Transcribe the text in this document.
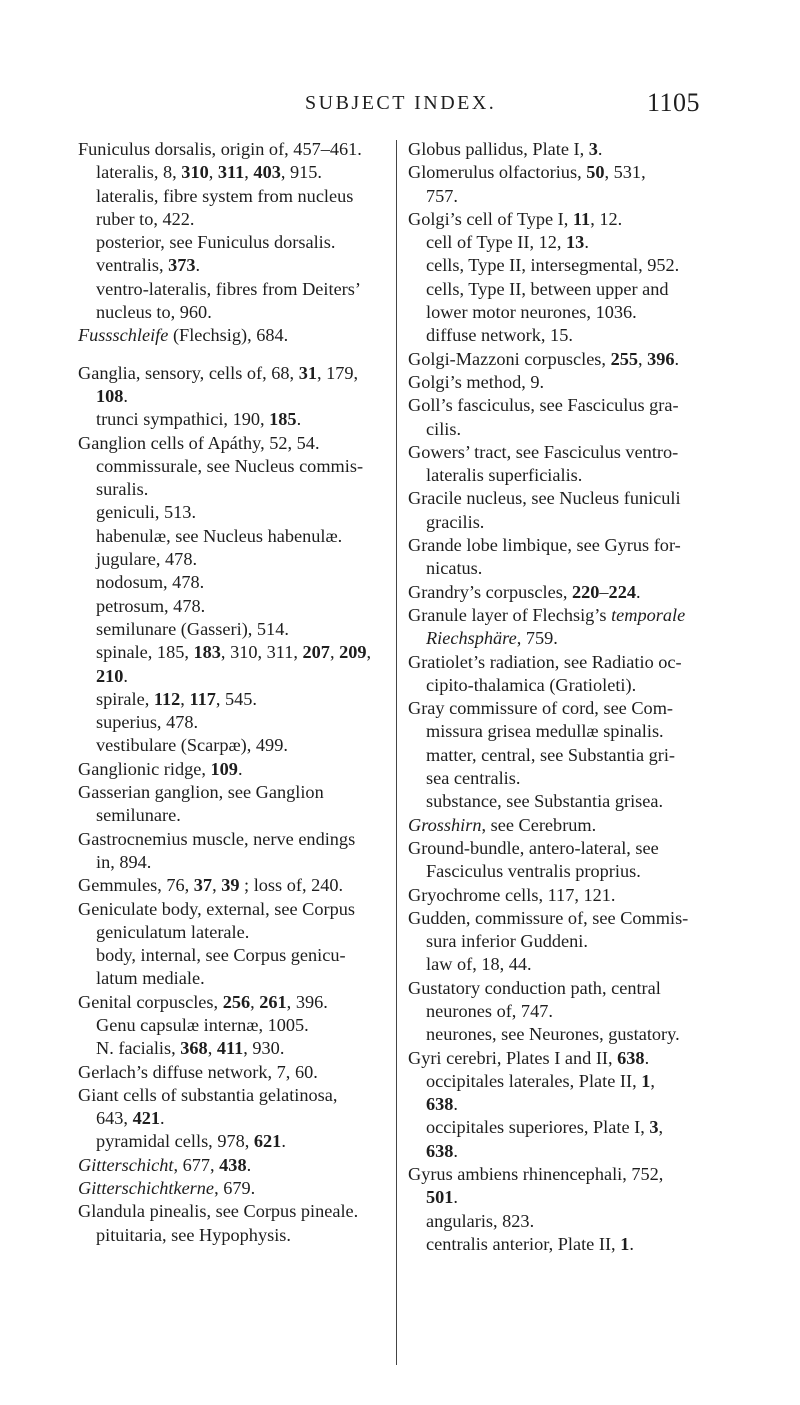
SUBJECT INDEX.	1105
Funiculus dorsalis, origin of, 457–461.
lateralis, 8, 310, 311, 403, 915.
lateralis, fibre system from nucleus
ruber to, 422.
posterior, see Funiculus dorsalis.
ventralis, 373.
ventro-lateralis, fibres from Deiters’
nucleus to, 960.
Fussschleife (Flechsig), 684.
Ganglia, sensory, cells of, 68, 31, 179,
108.
trunci sympathici, 190, 185.
Ganglion cells of Apáthy, 52, 54.
commissurale, see Nucleus commis-
suralis.
geniculi, 513.
habenulæ, see Nucleus habenulæ.
jugulare, 478.
nodosum, 478.
petrosum, 478.
semilunare (Gasseri), 514.
spinale, 185, 183, 310, 311, 207, 209,
210.
spirale, 112, 117, 545.
superius, 478.
vestibulare (Scarpæ), 499.
Ganglionic ridge, 109.
Gasserian ganglion, see Ganglion
semilunare.
Gastrocnemius muscle, nerve endings
in, 894.
Gemmules, 76, 37, 39 ; loss of, 240.
Geniculate body, external, see Corpus
geniculatum laterale.
body, internal, see Corpus genicu-
latum mediale.
Genital corpuscles, 256, 261, 396.
Genu capsulæ internæ, 1005.
N. facialis, 368, 411, 930.
Gerlach’s diffuse network, 7, 60.
Giant cells of substantia gelatinosa,
643, 421.
pyramidal cells, 978, 621.
Gitterschicht, 677, 438.
Gitterschichtkerne, 679.
Glandula pinealis, see Corpus pineale.
pituitaria, see Hypophysis.
Globus pallidus, Plate I, 3.
Glomerulus olfactorius, 50, 531,
757.
Golgi’s cell of Type I, 11, 12.
cell of Type II, 12, 13.
cells, Type II, intersegmental, 952.
cells, Type II, between upper and
lower motor neurones, 1036.
diffuse network, 15.
Golgi-Mazzoni corpuscles, 255, 396.
Golgi’s method, 9.
Goll’s fasciculus, see Fasciculus gra-
cilis.
Gowers’ tract, see Fasciculus ventro-
lateralis superficialis.
Gracile nucleus, see Nucleus funiculi
gracilis.
Grande lobe limbique, see Gyrus for-
nicatus.
Grandry’s corpuscles, 220–224.
Granule layer of Flechsig’s temporale
Riechsphäre, 759.
Gratiolet’s radiation, see Radiatio oc-
cipito-thalamica (Gratioleti).
Gray commissure of cord, see Com-
missura grisea medullæ spinalis.
matter, central, see Substantia gri-
sea centralis.
substance, see Substantia grisea.
Grosshirn, see Cerebrum.
Ground-bundle, antero-lateral, see
Fasciculus ventralis proprius.
Gryochrome cells, 117, 121.
Gudden, commissure of, see Commis-
sura inferior Guddeni.
law of, 18, 44.
Gustatory conduction path, central
neurones of, 747.
neurones, see Neurones, gustatory.
Gyri cerebri, Plates I and II, 638.
occipitales laterales, Plate II, 1,
638.
occipitales superiores, Plate I, 3,
638.
Gyrus ambiens rhinencephali, 752,
501.
angularis, 823.
centralis anterior, Plate II, 1.
